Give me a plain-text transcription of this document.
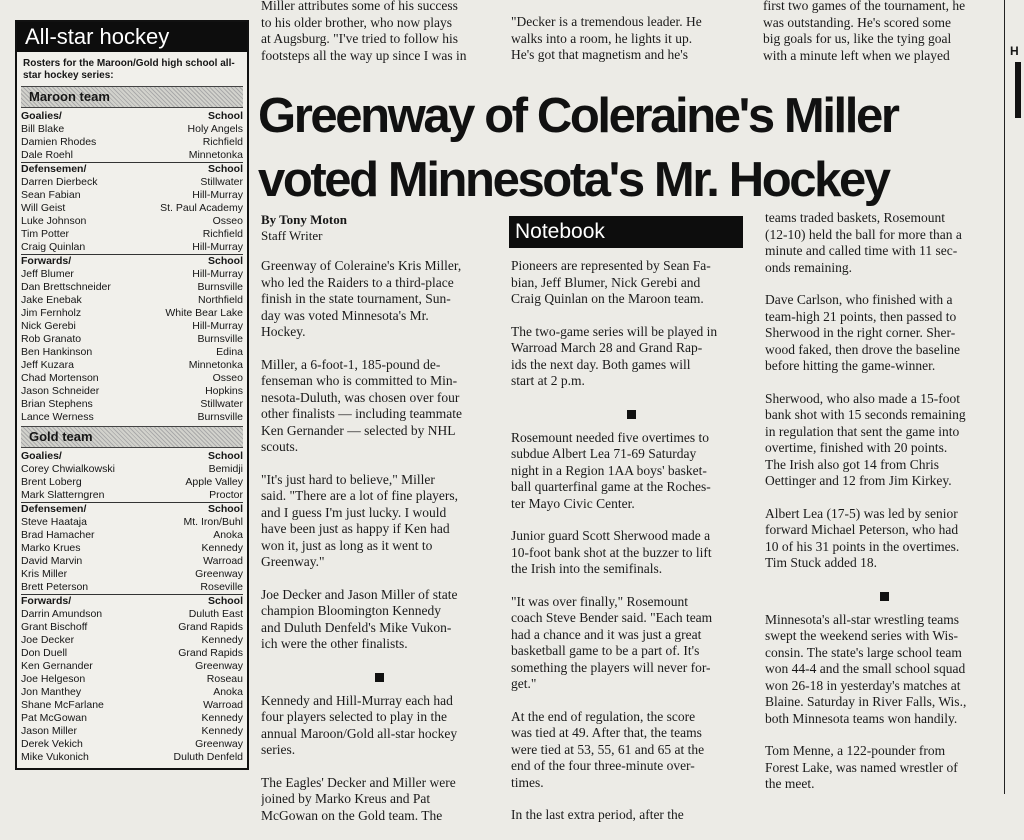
All-star hockey
Rosters for the Maroon/Gold high school all-star hockey series:
Maroon team
Goalies/	School
Bill Blake	Holy Angels
Damien Rhodes	Richfield
Dale Roehl	Minnetonka
Defensemen/	School
Darren Dierbeck	Stillwater
Sean Fabian	Hill-Murray
Will Geist	St. Paul Academy
Luke Johnson	Osseo
Tim Potter	Richfield
Craig Quinlan	Hill-Murray
Forwards/	School
Jeff Blumer	Hill-Murray
Dan Brettschneider	Burnsville
Jake Enebak	Northfield
Jim Fernholz	White Bear Lake
Nick Gerebi	Hill-Murray
Rob Granato	Burnsville
Ben Hankinson	Edina
Jeff Kuzara	Minnetonka
Chad Mortenson	Osseo
Jason Schneider	Hopkins
Brian Stephens	Stillwater
Lance Werness	Burnsville
Gold team
Goalies/	School
Corey Chwialkowski	Bemidji
Brent Loberg	Apple Valley
Mark Slatterngren	Proctor
Defensemen/	School
Steve Haataja	Mt. Iron/Buhl
Brad Hamacher	Anoka
Marko Krues	Kennedy
David Marvin	Warroad
Kris Miller	Greenway
Brett Peterson	Roseville
Forwards/	School
Darrin Amundson	Duluth East
Grant Bischoff	Grand Rapids
Joe Decker	Kennedy
Don Duell	Grand Rapids
Ken Gernander	Greenway
Joe Helgeson	Roseau
Jon Manthey	Anoka
Shane McFarlane	Warroad
Pat McGowan	Kennedy
Jason Miller	Kennedy
Derek Vekich	Greenway
Mike Vukonich	Duluth Denfeld
Miller attributes some of his success
to his older brother, who now plays
at Augsburg. "I've tried to follow his
footsteps all the way up since I was in
"Decker is a tremendous leader. He
walks into a room, he lights it up.
He's got that magnetism and he's
first two games of the tournament, he
was outstanding. He's scored some
big goals for us, like the tying goal
with a minute left when we played
Greenway of Coleraine's Miller
voted Minnesota's Mr. Hockey
By Tony Moton
Staff Writer	Notebook

Greenway of Coleraine's Kris Miller,
who led the Raiders to a third-place
finish in the state tournament, Sun-
day was voted Minnesota's Mr.
Hockey.

Miller, a 6-foot-1, 185-pound de-
fenseman who is committed to Min-
nesota-Duluth, was chosen over four
other finalists — including teammate
Ken Gernander — selected by NHL
scouts.

"It's just hard to believe," Miller
said. "There are a lot of fine players,
and I guess I'm just lucky. I would
have been just as happy if Ken had
won it, just as long as it went to
Greenway."

Joe Decker and Jason Miller of state
champion Bloomington Kennedy
and Duluth Denfeld's Mike Vukon-
ich were the other finalists.

Kennedy and Hill-Murray each had
four players selected to play in the
annual Maroon/Gold all-star hockey
series.

The Eagles' Decker and Miller were
joined by Marko Kreus and Pat
McGowan on the Gold team. The

Pioneers are represented by Sean Fa-
bian, Jeff Blumer, Nick Gerebi and
Craig Quinlan on the Maroon team.

The two-game series will be played in
Warroad March 28 and Grand Rap-
ids the next day. Both games will
start at 2 p.m.

Rosemount needed five overtimes to
subdue Albert Lea 71-69 Saturday
night in a Region 1AA boys' basket-
ball quarterfinal game at the Roches-
ter Mayo Civic Center.

Junior guard Scott Sherwood made a
10-foot bank shot at the buzzer to lift
the Irish into the semifinals.

"It was over finally," Rosemount
coach Steve Bender said. "Each team
had a chance and it was just a great
basketball game to be a part of. It's
something the players will never for-
get."

At the end of regulation, the score
was tied at 49. After that, the teams
were tied at 53, 55, 61 and 65 at the
end of the four three-minute over-
times.

In the last extra period, after the

teams traded baskets, Rosemount
(12-10) held the ball for more than a
minute and called time with 11 sec-
onds remaining.

Dave Carlson, who finished with a
team-high 21 points, then passed to
Sherwood in the right corner. Sher-
wood faked, then drove the baseline
before hitting the game-winner.

Sherwood, who also made a 15-foot
bank shot with 15 seconds remaining
in regulation that sent the game into
overtime, finished with 20 points.
The Irish also got 14 from Chris
Oettinger and 12 from Jim Kirkey.

Albert Lea (17-5) was led by senior
forward Michael Peterson, who had
10 of his 31 points in the overtimes.
Tim Stuck added 18.

Minnesota's all-star wrestling teams
swept the weekend series with Wis-
consin. The state's large school team
won 44-4 and the small school squad
won 26-18 in yesterday's matches at
Blaine. Saturday in River Falls, Wis.,
both Minnesota teams won handily.

Tom Menne, a 122-pounder from
Forest Lake, was named wrestler of
the meet.

H
